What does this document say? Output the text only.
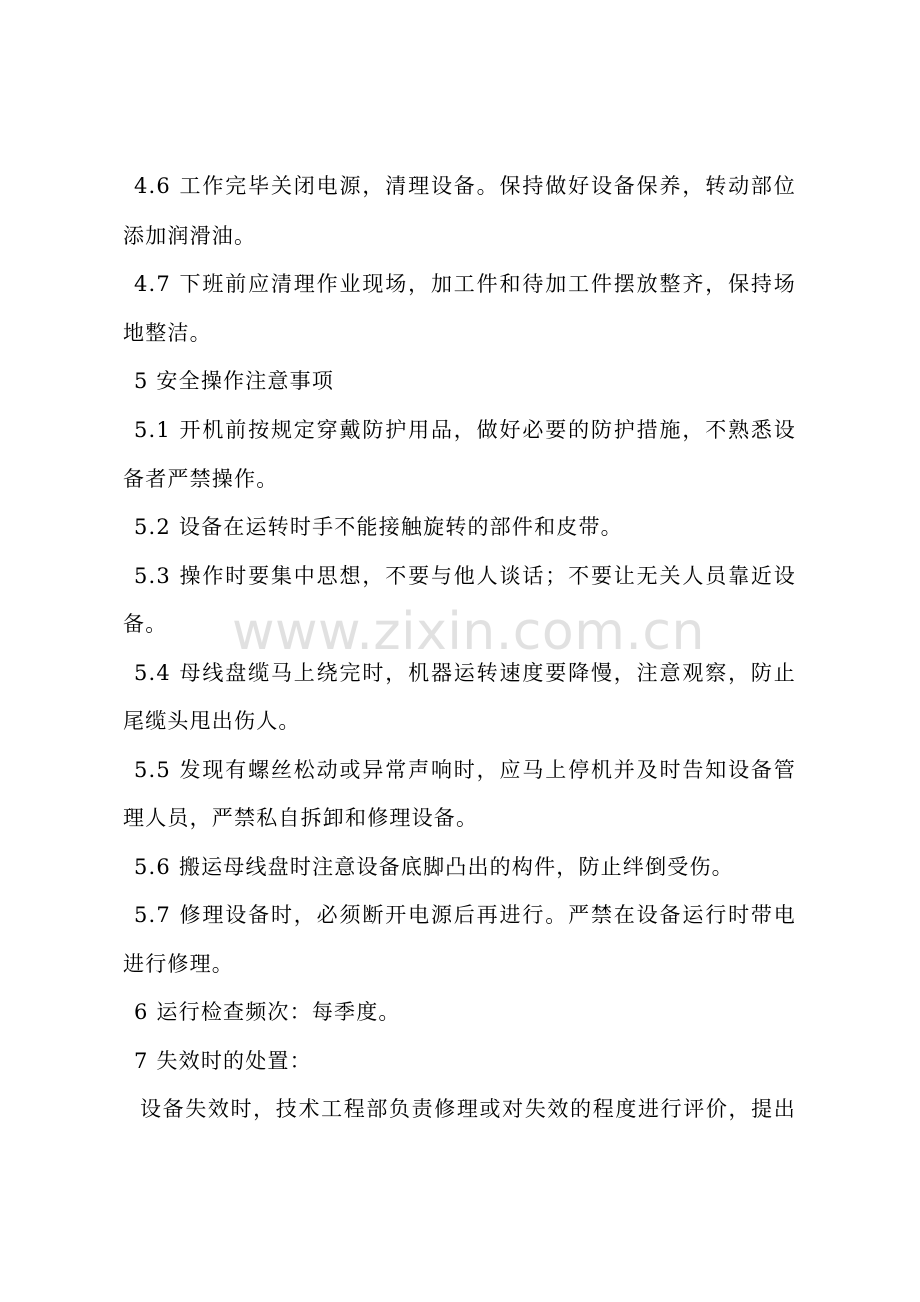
4.6 工作完毕关闭电源，清理设备。保持做好设备保养，转动部位
添加润滑油。
4.7 下班前应清理作业现场，加工件和待加工件摆放整齐，保持场
地整洁。
5 安全操作注意事项
5.1 开机前按规定穿戴防护用品，做好必要的防护措施，不熟悉设
备者严禁操作。
5.2 设备在运转时手不能接触旋转的部件和皮带。
5.3 操作时要集中思想，不要与他人谈话；不要让无关人员靠近设
备。 www.zixin.com.cn
5.4 母线盘缆马上绕完时，机器运转速度要降慢，注意观察，防止
尾缆头甩出伤人。
5.5 发现有螺丝松动或异常声响时，应马上停机并及时告知设备管
理人员，严禁私自拆卸和修理设备。
5.6 搬运母线盘时注意设备底脚凸出的构件，防止绊倒受伤。
5.7 修理设备时，必须断开电源后再进行。严禁在设备运行时带电
进行修理。
6 运行检查频次：每季度。
7 失效时的处置：
设备失效时，技术工程部负责修理或对失效的程度进行评价，提出
